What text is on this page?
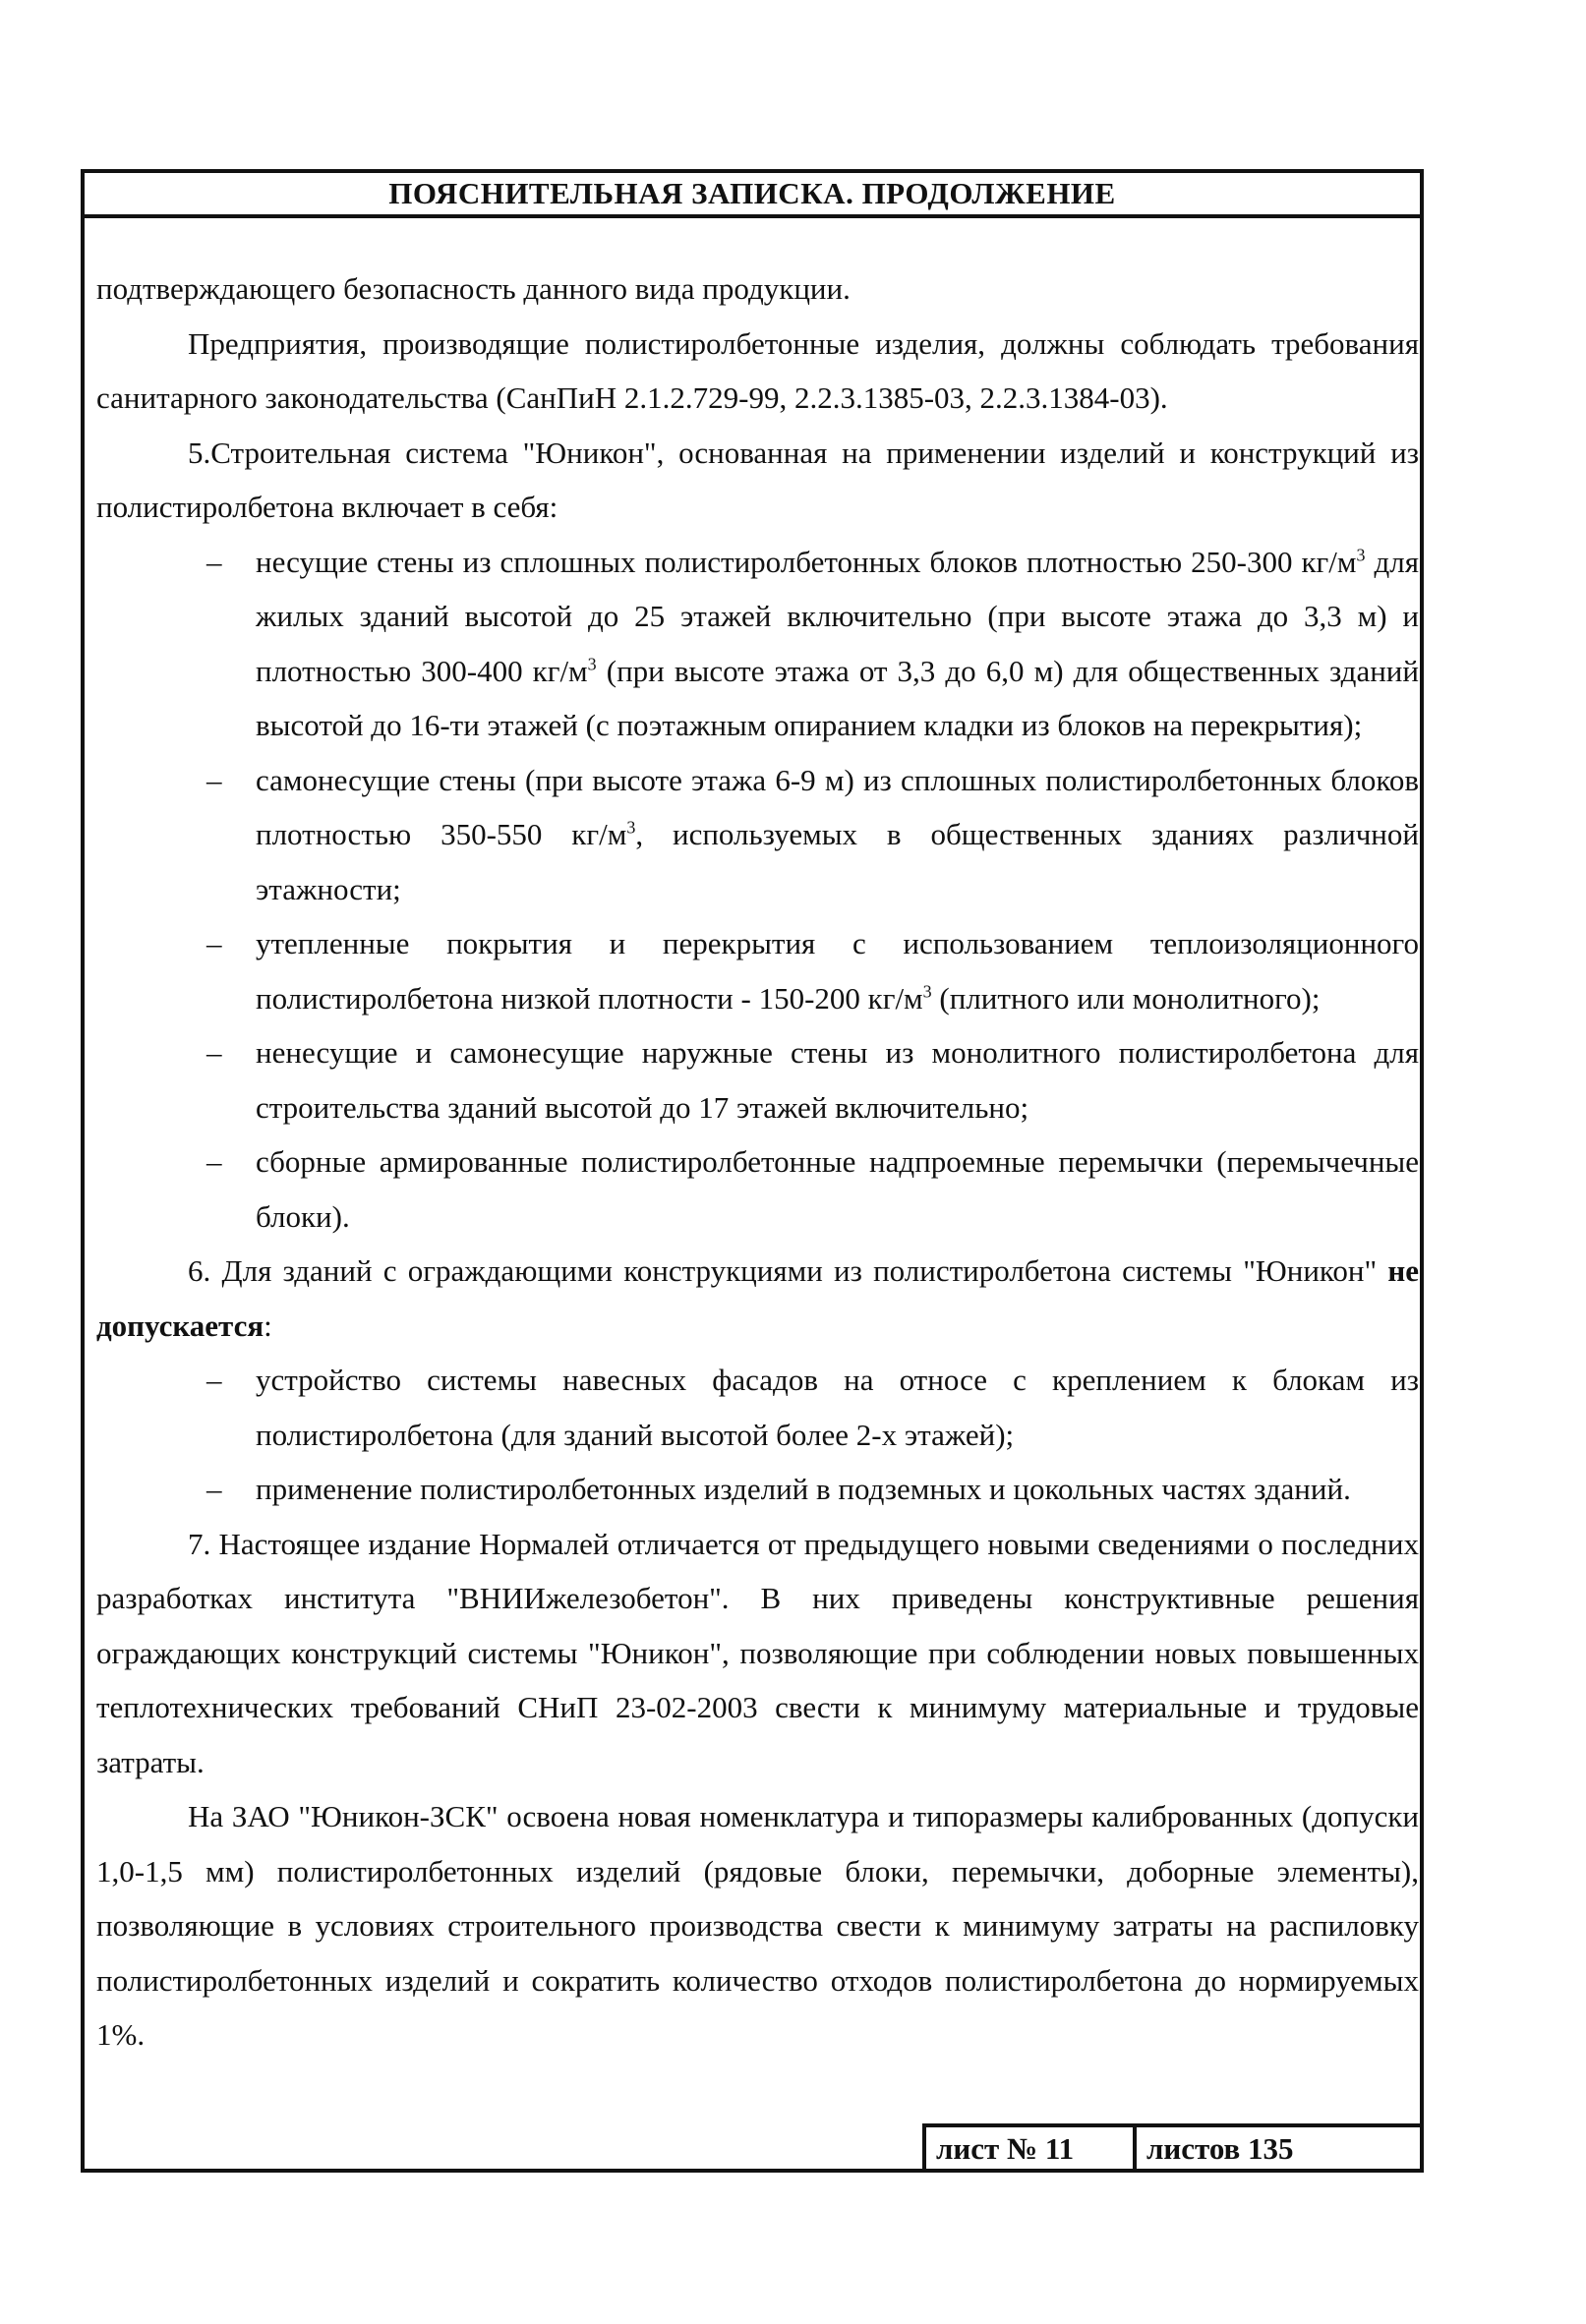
ПОЯСНИТЕЛЬНАЯ ЗАПИСКА. ПРОДОЛЖЕНИЕ

подтверждающего безопасность данного вида продукции.

Предприятия, производящие полистиролбетонные изделия, должны соблюдать требования санитарного законодательства (СанПиН 2.1.2.729-99, 2.2.3.1385-03, 2.2.3.1384-03).

5.Строительная система "Юникон", основанная на применении изделий и конструкций из полистиролбетона включает в себя:

– несущие стены из сплошных полистиролбетонных блоков плотностью 250-300 $кг/м^3$ для жилых зданий высотой до 25 этажей включительно (при высоте этажа до 3,3 м) и плотностью 300-400 $кг/м^3$ (при высоте этажа от 3,3 до 6,0 м) для общественных зданий высотой до 16-ти этажей (с поэтажным опиранием кладки из блоков на перекрытия);

– самонесущие стены (при высоте этажа 6-9 м) из сплошных полистиролбетонных блоков плотностью 350-550 $кг/м^3$, используемых в общественных зданиях различной этажности;

– утепленные покрытия и перекрытия с использованием теплоизоляционного полистиролбетона низкой плотности - 150-200 $кг/м^3$ (плитного или монолитного);

– ненесущие и самонесущие наружные стены из монолитного полистиролбетона для строительства зданий высотой до 17 этажей включительно;

– сборные армированные полистиролбетонные надпроемные перемычки (перемычечные блоки).

6. Для зданий с ограждающими конструкциями из полистиролбетона системы "Юникон" не допускается:

– устройство системы навесных фасадов на относе с креплением к блокам из полистиролбетона (для зданий высотой более 2-х этажей);

– применение полистиролбетонных изделий в подземных и цокольных частях зданий.

7. Настоящее издание Нормалей отличается от предыдущего новыми сведениями о последних разработках института "ВНИИжелезобетон". В них приведены конструктивные решения ограждающих конструкций системы "Юникон", позволяющие при соблюдении новых повышенных теплотехнических требований СНиП 23-02-2003 свести к минимуму материальные и трудовые затраты.

На ЗАО "Юникон-ЗСК" освоена новая номенклатура и типоразмеры калиброванных (допуски 1,0-1,5 мм) полистиролбетонных изделий (рядовые блоки, перемычки, доборные элементы), позволяющие в условиях строительного производства свести к минимуму затраты на распиловку полистиролбетонных изделий и сократить количество отходов полистиролбетона до нормируемых 1%.

лист № 11	листов 135
